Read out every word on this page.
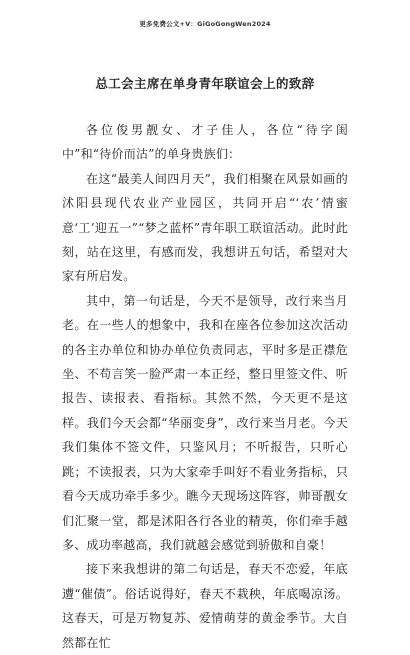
更多免费公文+V：GiGoGongWen2024
总工会主席在单身青年联谊会上的致辞

各位俊男靓女、才子佳人，各位“待字闺中”和“待价而沽”的单身贵族们：

在这“最美人间四月天”，我们相聚在风景如画的沭阳县现代农业产业园区，共同开启“‘农’情蜜意‘工’迎五一”“梦之蓝杯”青年职工联谊活动。此时此刻，站在这里，有感而发，我想讲五句话，希望对大家有所启发。

其中，第一句话是，今天不是领导，改行来当月老。在一些人的想象中，我和在座各位参加这次活动的各主办单位和协办单位负责同志，平时多是正襟危坐、不苟言笑一脸严肃一本正经，整日里签文件、听报告、读报表、看指标。其然不然，今天更不是这样。我们今天会都“华丽变身”，改行来当月老。今天我们集体不签文件，只鉴风月；不听报告，只听心跳；不读报表，只为大家牵手叫好不看业务指标，只看今天成功牵手多少。瞧今天现场这阵容，帅哥靓女们汇聚一堂，都是沭阳各行各业的精英，你们牵手越多、成功率越高，我们就越会感觉到骄傲和自豪！

接下来我想讲的第二句话是，春天不恋爱，年底遭“催债”。俗话说得好，春天不栽秧，年底喝凉汤。这春天，可是万物复苏、爱情萌芽的黄金季节。大自然都在忙
